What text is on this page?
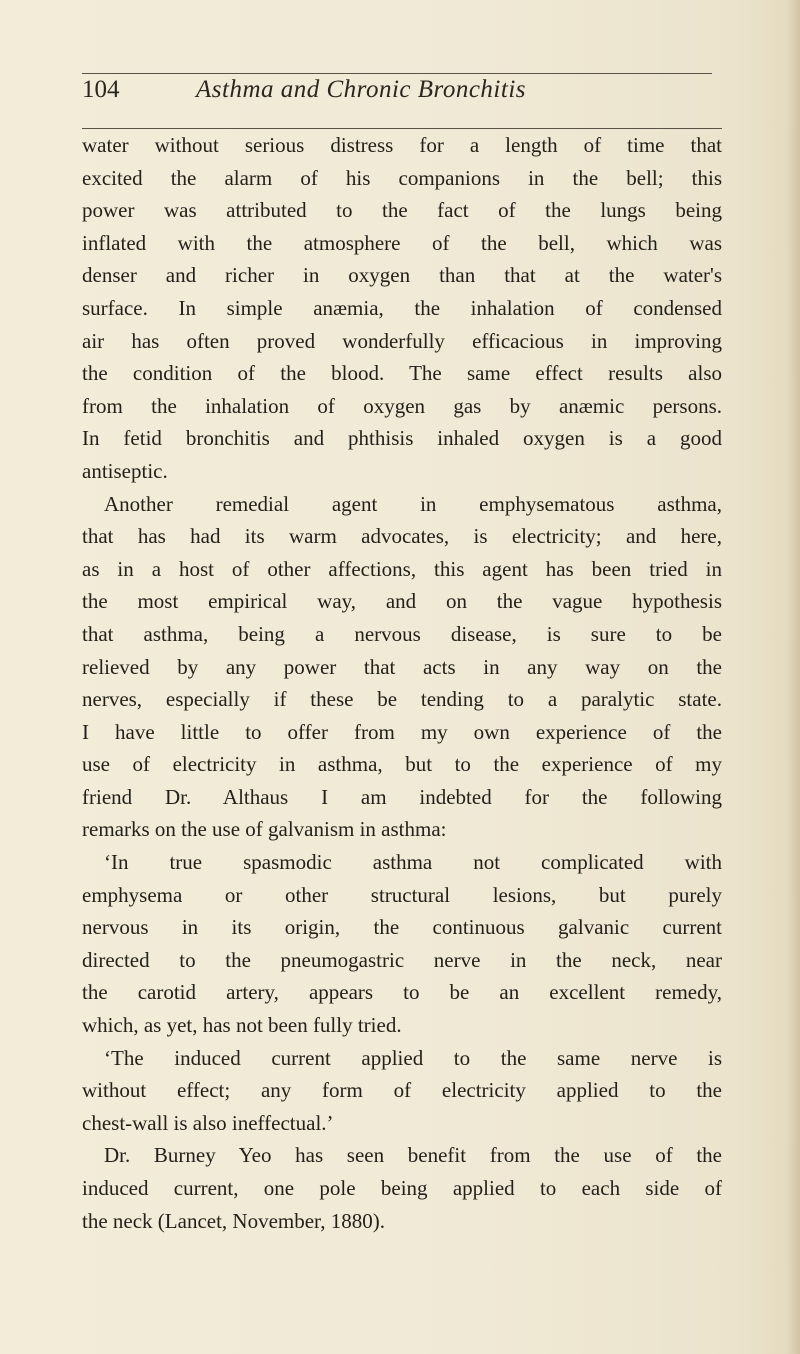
104	Asthma and Chronic Bronchitis
water without serious distress for a length of time that
excited the alarm of his companions in the bell; this
power was attributed to the fact of the lungs being
inflated with the atmosphere of the bell, which was
denser and richer in oxygen than that at the water's
surface. In simple anæmia, the inhalation of condensed
air has often proved wonderfully efficacious in improving
the condition of the blood. The same effect results also
from the inhalation of oxygen gas by anæmic persons.
In fetid bronchitis and phthisis inhaled oxygen is a good
antiseptic.
Another remedial agent in emphysematous asthma,
that has had its warm advocates, is electricity; and here,
as in a host of other affections, this agent has been tried in
the most empirical way, and on the vague hypothesis
that asthma, being a nervous disease, is sure to be
relieved by any power that acts in any way on the
nerves, especially if these be tending to a paralytic state.
I have little to offer from my own experience of the
use of electricity in asthma, but to the experience of my
friend Dr. Althaus I am indebted for the following
remarks on the use of galvanism in asthma:
‘In true spasmodic asthma not complicated with
emphysema or other structural lesions, but purely
nervous in its origin, the continuous galvanic current
directed to the pneumogastric nerve in the neck, near
the carotid artery, appears to be an excellent remedy,
which, as yet, has not been fully tried.
‘The induced current applied to the same nerve is
without effect; any form of electricity applied to the
chest-wall is also ineffectual.’
Dr. Burney Yeo has seen benefit from the use of the
induced current, one pole being applied to each side of
the neck (Lancet, November, 1880).
